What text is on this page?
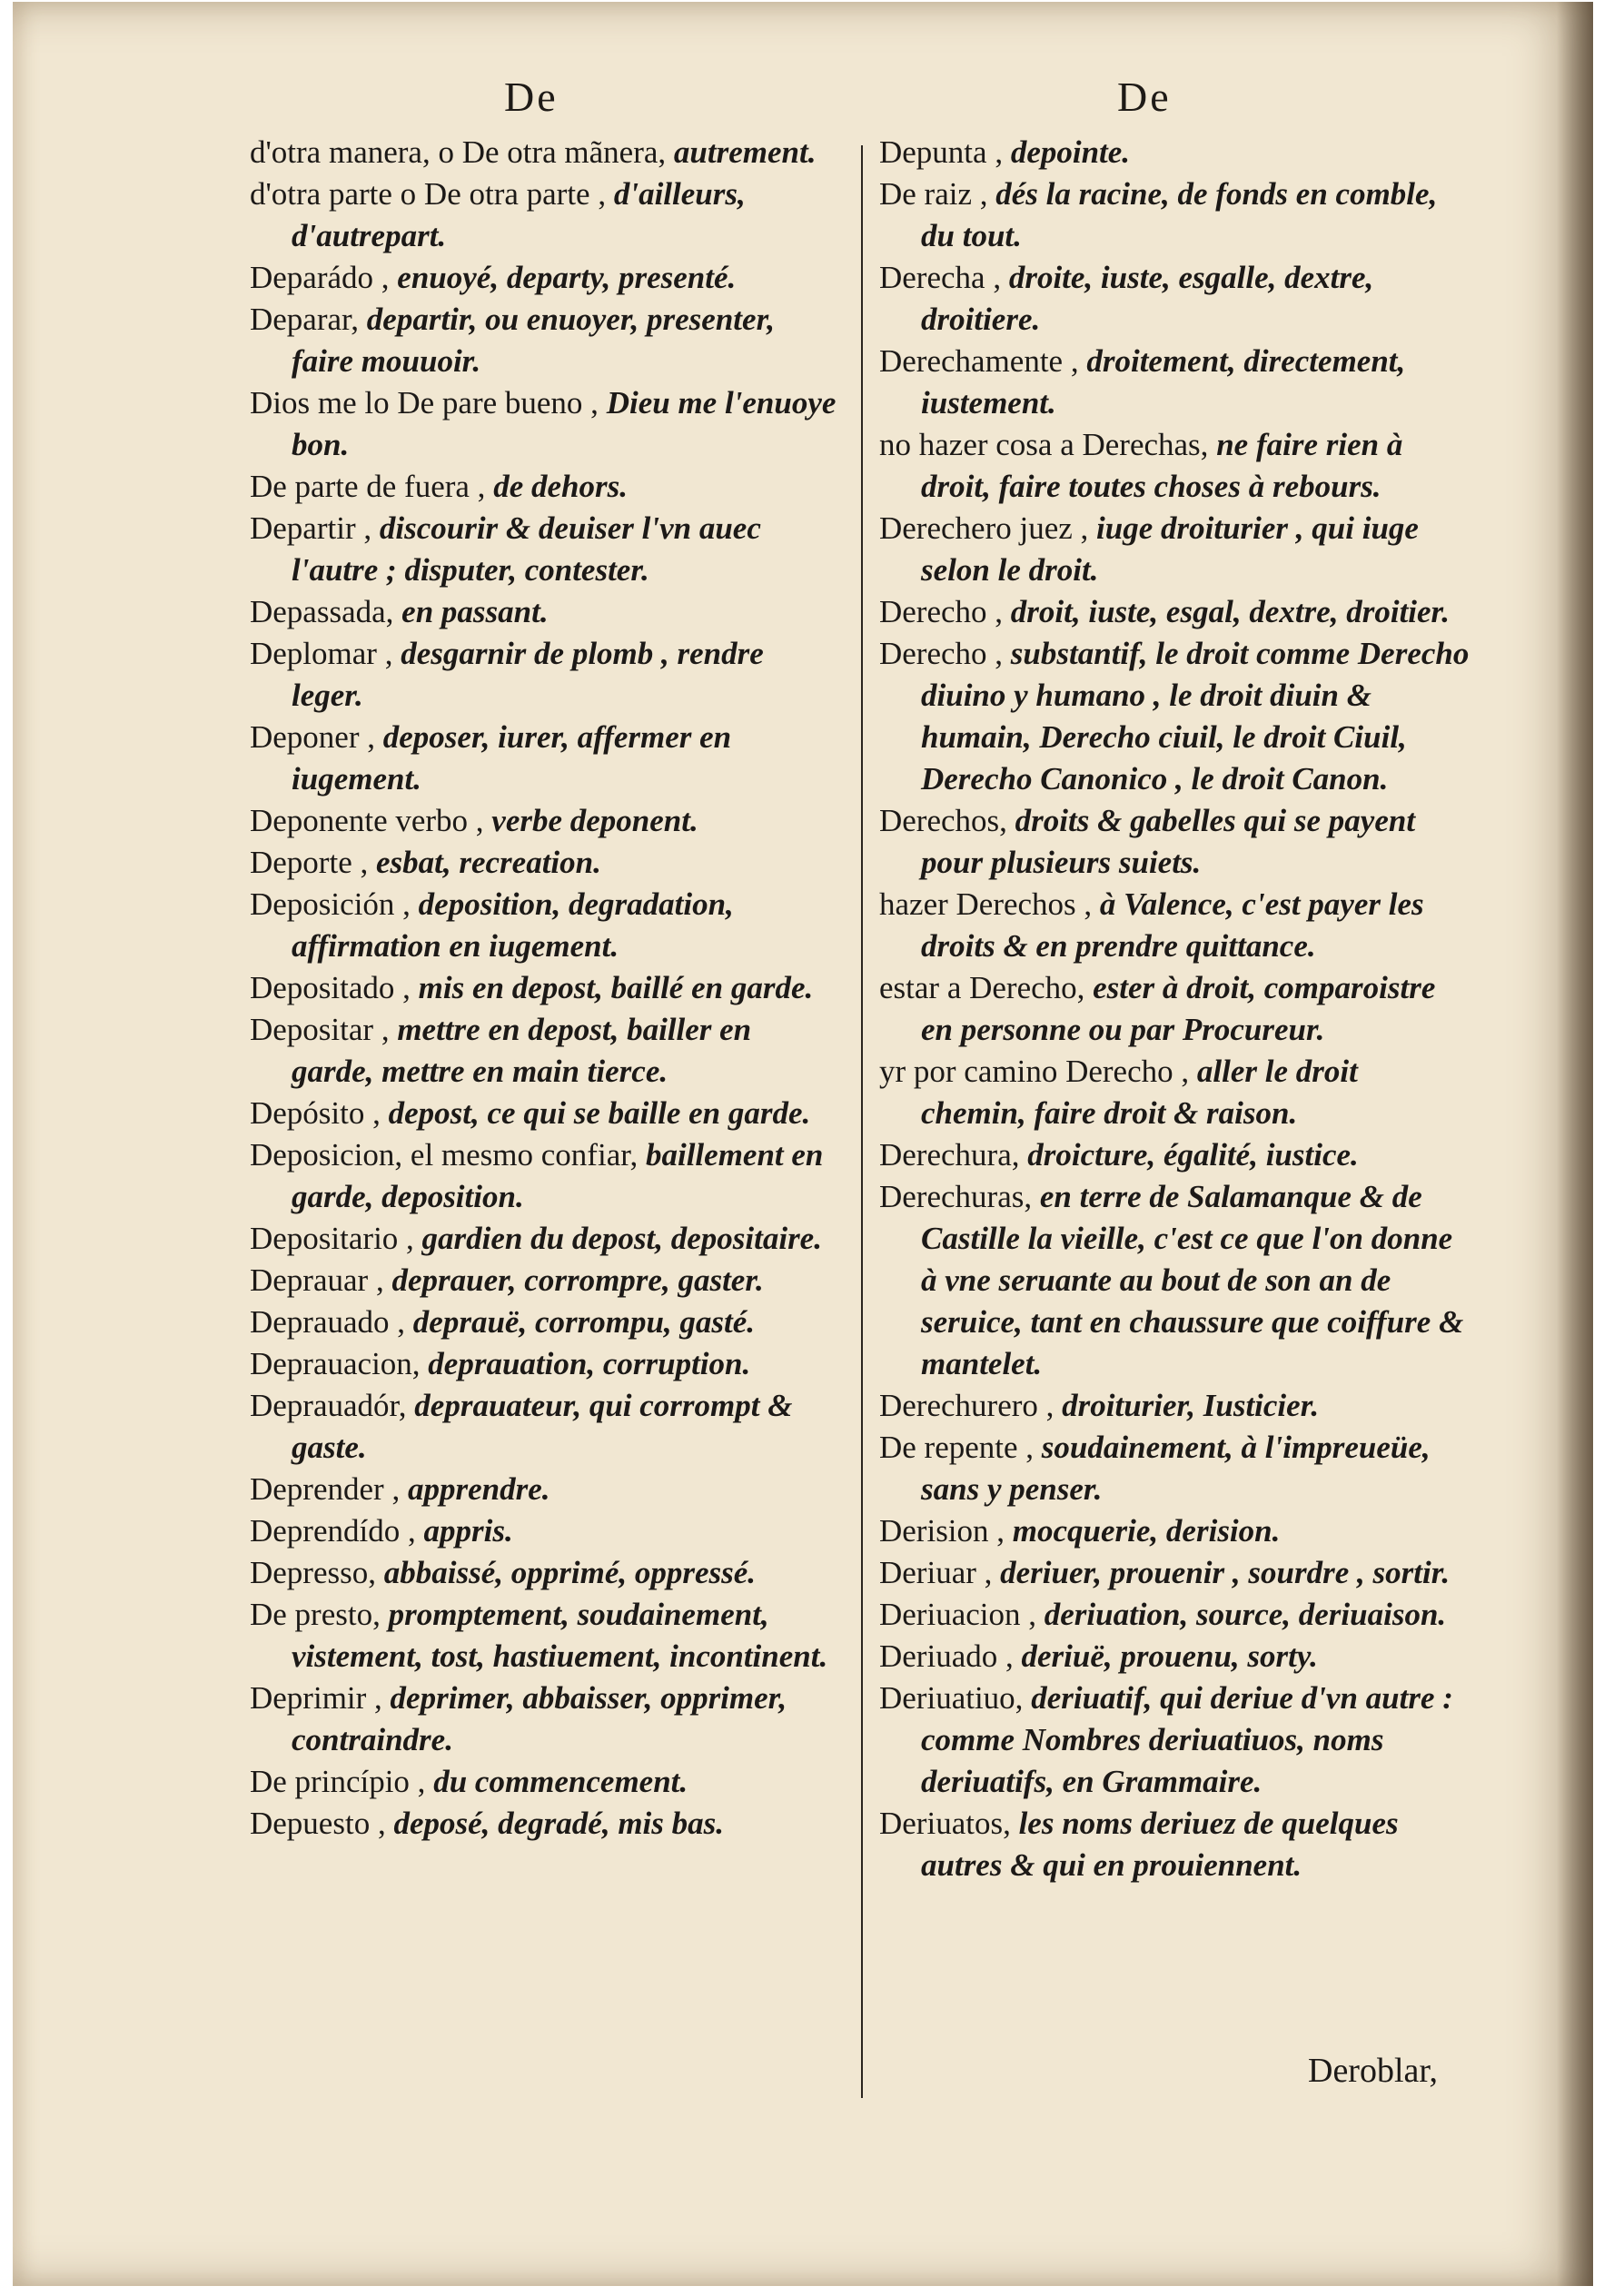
De	De
d'otra manera, o De otra mãnera, autrement.
d'otra parte o De otra parte , d'ailleurs, d'autrepart.
Deparádo , enuoyé, departy, presenté.
Deparar, departir, ou enuoyer, presenter, faire mouuoir.
Dios me lo De pare bueno , Dieu me l'enuoye bon.
De parte de fuera , de dehors.
Departir , discourir & deuiser l'vn auec l'autre ; disputer, contester.
Depassada, en passant.
Deplomar , desgarnir de plomb , rendre leger.
Deponer , deposer, iurer, affermer en iugement.
Deponente verbo , verbe deponent.
Deporte , esbat, recreation.
Deposición , deposition, degradation, affirmation en iugement.
Depositado , mis en depost, baillé en garde.
Depositar , mettre en depost, bailler en garde, mettre en main tierce.
Depósito , depost, ce qui se baille en garde.
Deposicion, el mesmo confiar, baillement en garde, deposition.
Depositario , gardien du depost, depositaire.
Deprauar , deprauer, corrompre, gaster.
Deprauado , deprauë, corrompu, gasté.
Deprauacion, deprauation, corruption.
Deprauadór, deprauateur, qui corrompt & gaste.
Deprender , apprendre.
Deprendído , appris.
Depresso, abbaissé, opprimé, oppressé.
De presto, promptement, soudainement, vistement, tost, hastiuement, incontinent.
Deprimir , deprimer, abbaisser, opprimer, contraindre.
De princípio , du commencement.
Depuesto , deposé, degradé, mis bas.
Depunta , depointe.
De raiz , dés la racine, de fonds en comble, du tout.
Derecha , droite, iuste, esgalle, dextre, droitiere.
Derechamente , droitement, directement, iustement.
no hazer cosa a Derechas, ne faire rien à droit, faire toutes choses à rebours.
Derechero juez , iuge droiturier , qui iuge selon le droit.
Derecho , droit, iuste, esgal, dextre, droitier.
Derecho , substantif, le droit comme Derecho diuino y humano , le droit diuin & humain, Derecho ciuil, le droit Ciuil, Derecho Canonico , le droit Canon.
Derechos, droits & gabelles qui se payent pour plusieurs suiets.
hazer Derechos , à Valence, c'est payer les droits & en prendre quittance.
estar a Derecho, ester à droit, comparoistre en personne ou par Procureur.
yr por camino Derecho , aller le droit chemin, faire droit & raison.
Derechura, droicture, égalité, iustice.
Derechuras, en terre de Salamanque & de Castille la vieille, c'est ce que l'on donne à vne seruante au bout de son an de seruice, tant en chaussure que coiffure & mantelet.
Derechurero , droiturier, Iusticier.
De repente , soudainement, à l'impreueüe, sans y penser.
Derision , mocquerie, derision.
Deriuar , deriuer, prouenir , sourdre , sortir.
Deriuacion , deriuation, source, deriuaison.
Deriuado , deriuë, prouenu, sorty.
Deriuatiuo, deriuatif, qui deriue d'vn autre : comme Nombres deriuatiuos, noms deriuatifs, en Grammaire.
Deriuatos, les noms deriuez de quelques autres & qui en prouiennent.
Deroblar,
